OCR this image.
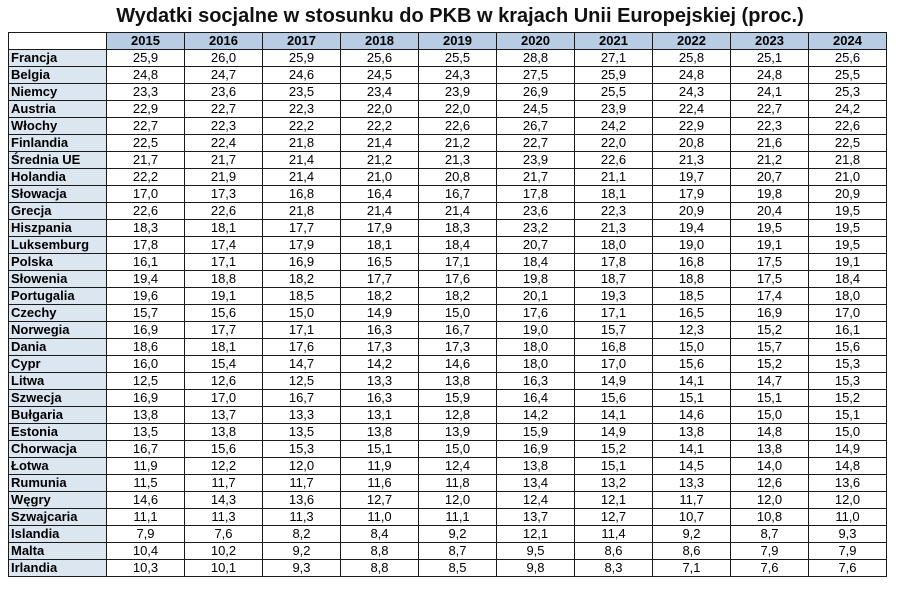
Wydatki socjalne w stosunku do PKB w krajach Unii Europejskiej (proc.)
	2015	2016	2017	2018	2019	2020	2021	2022	2023	2024
Francja	25,9	26,0	25,9	25,6	25,5	28,8	27,1	25,8	25,1	25,6
Belgia	24,8	24,7	24,6	24,5	24,3	27,5	25,9	24,8	24,8	25,5
Niemcy	23,3	23,6	23,5	23,4	23,9	26,9	25,5	24,3	24,1	25,3
Austria	22,9	22,7	22,3	22,0	22,0	24,5	23,9	22,4	22,7	24,2
Włochy	22,7	22,3	22,2	22,2	22,6	26,7	24,2	22,9	22,3	22,6
Finlandia	22,5	22,4	21,8	21,4	21,2	22,7	22,0	20,8	21,6	22,5
Średnia UE	21,7	21,7	21,4	21,2	21,3	23,9	22,6	21,3	21,2	21,8
Holandia	22,2	21,9	21,4	21,0	20,8	21,7	21,1	19,7	20,7	21,0
Słowacja	17,0	17,3	16,8	16,4	16,7	17,8	18,1	17,9	19,8	20,9
Grecja	22,6	22,6	21,8	21,4	21,4	23,6	22,3	20,9	20,4	19,5
Hiszpania	18,3	18,1	17,7	17,9	18,3	23,2	21,3	19,4	19,5	19,5
Luksemburg	17,8	17,4	17,9	18,1	18,4	20,7	18,0	19,0	19,1	19,5
Polska	16,1	17,1	16,9	16,5	17,1	18,4	17,8	16,8	17,5	19,1
Słowenia	19,4	18,8	18,2	17,7	17,6	19,8	18,7	18,8	17,5	18,4
Portugalia	19,6	19,1	18,5	18,2	18,2	20,1	19,3	18,5	17,4	18,0
Czechy	15,7	15,6	15,0	14,9	15,0	17,6	17,1	16,5	16,9	17,0
Norwegia	16,9	17,7	17,1	16,3	16,7	19,0	15,7	12,3	15,2	16,1
Dania	18,6	18,1	17,6	17,3	17,3	18,0	16,8	15,0	15,7	15,6
Cypr	16,0	15,4	14,7	14,2	14,6	18,0	17,0	15,6	15,2	15,3
Litwa	12,5	12,6	12,5	13,3	13,8	16,3	14,9	14,1	14,7	15,3
Szwecja	16,9	17,0	16,7	16,3	15,9	16,4	15,6	15,1	15,1	15,2
Bułgaria	13,8	13,7	13,3	13,1	12,8	14,2	14,1	14,6	15,0	15,1
Estonia	13,5	13,8	13,5	13,8	13,9	15,9	14,9	13,8	14,8	15,0
Chorwacja	16,7	15,6	15,3	15,1	15,0	16,9	15,2	14,1	13,8	14,9
Łotwa	11,9	12,2	12,0	11,9	12,4	13,8	15,1	14,5	14,0	14,8
Rumunia	11,5	11,7	11,7	11,6	11,8	13,4	13,2	13,3	12,6	13,6
Węgry	14,6	14,3	13,6	12,7	12,0	12,4	12,1	11,7	12,0	12,0
Szwajcaria	11,1	11,3	11,3	11,0	11,1	13,7	12,7	10,7	10,8	11,0
Islandia	7,9	7,6	8,2	8,4	9,2	12,1	11,4	9,2	8,7	9,3
Malta	10,4	10,2	9,2	8,8	8,7	9,5	8,6	8,6	7,9	7,9
Irlandia	10,3	10,1	9,3	8,8	8,5	9,8	8,3	7,1	7,6	7,6
